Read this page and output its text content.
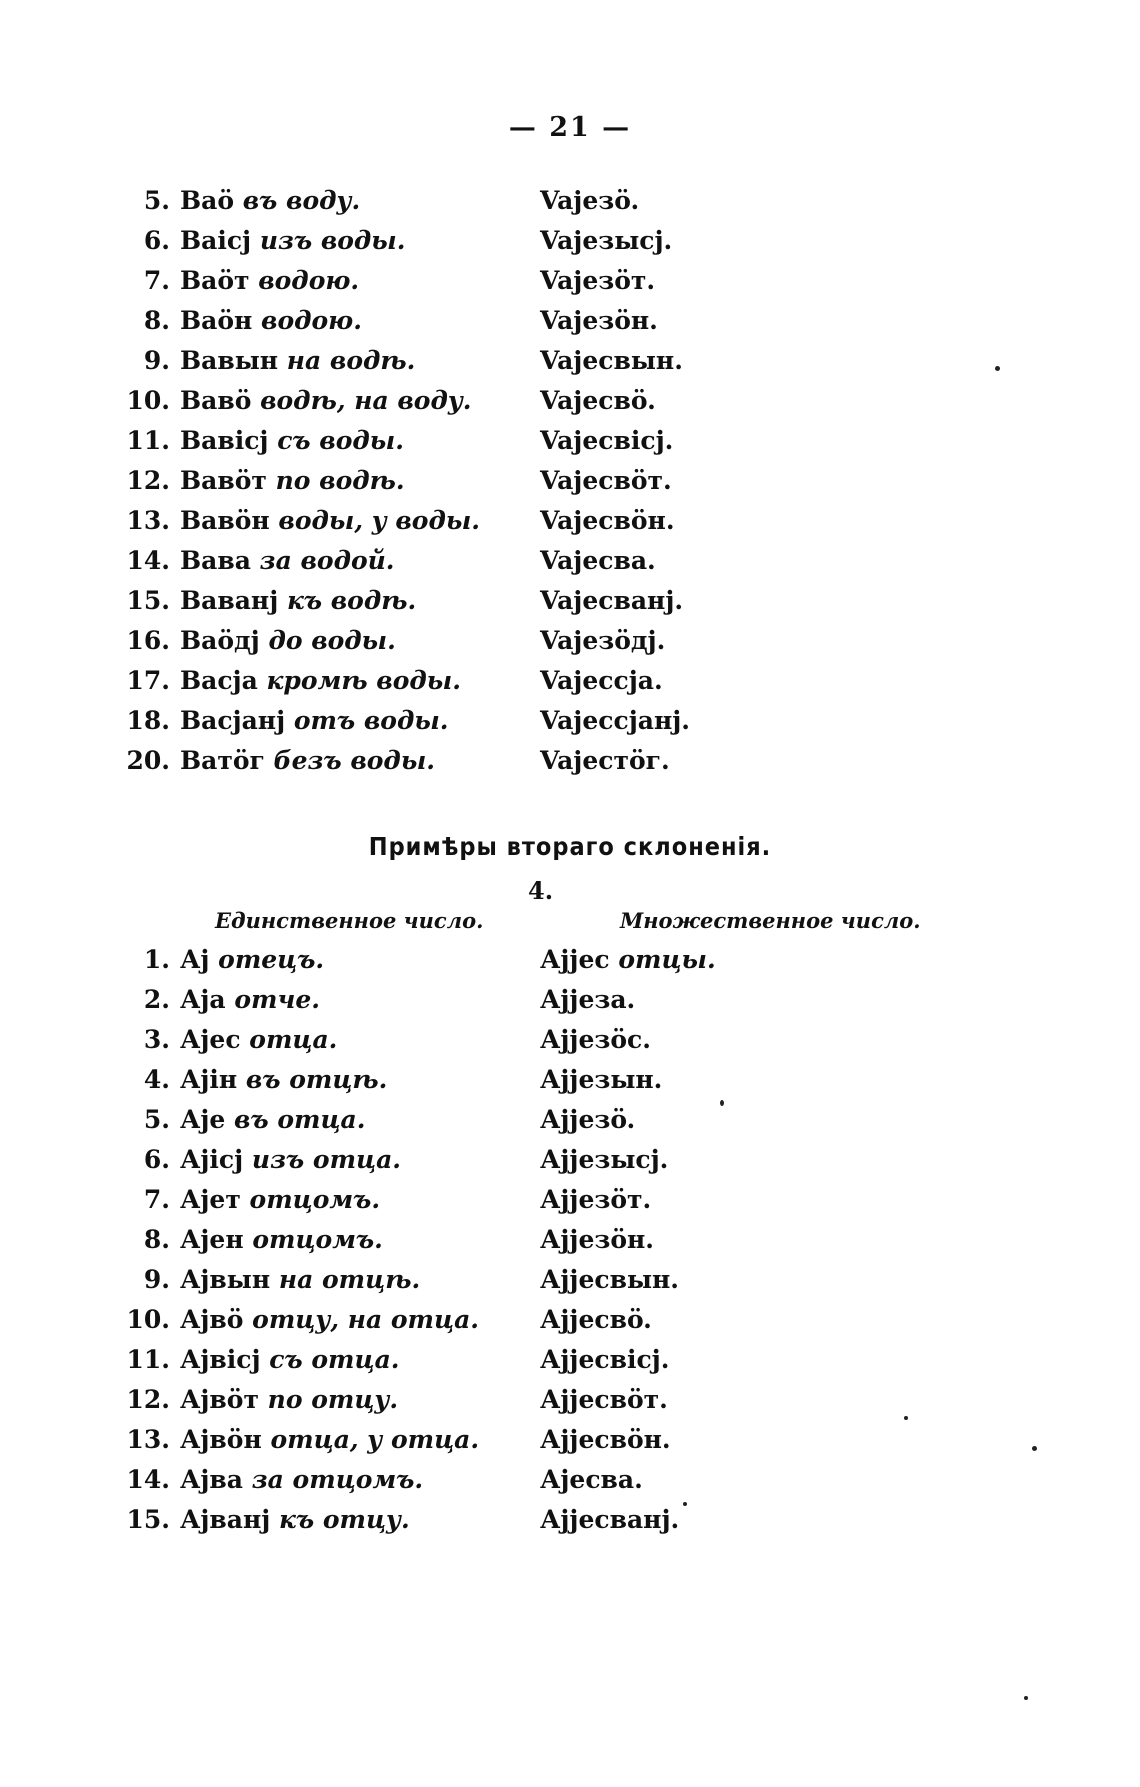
— 21 —
5. Ваö въ воду.	Vajезö.
6. Ваісј изъ воды.	Vajезысј.
7. Ваöт водою.	Vajезöт.
8. Ваöн водою.	Vajезöн.
9. Вавын на водѣ.	Vajесвын.
10. Вавö водѣ, на воду.	Vajесвö.
11. Вавісј съ воды.	Vajесвісј.
12. Вавöт по водѣ.	Vajесвöт.
13. Вавöн воды, у воды. Vajесвöн.
14. Вава за водой.	Vajесва.
15. Ваванј къ водѣ.	Vajесванј.
16. Ваöдј до воды.	Vajезöдј.
17. Васја кромѣ воды.	Vajессја.
18. Васјанј отъ воды.	Vajессјанј.
20. Ватöг безъ воды.	Vajестöг.
Примѣры втораго склоненія.
4.
Единственное число.	Множественное число.
1. Ај отецъ.	Ајјес отцы.
2. Аја отче.	Ајјеза.
3. Ајес отца.	Ајјезöс.
4. Ајін въ отцѣ.	Ајјезын.
5. Аје въ отца.	Ајјезö.
6. Ајісј изъ отца.	Ајјезысј.
7. Ајет отцомъ.	Ајјезöт.
8. Ајен отцомъ.	Ајјезöн.
9. Ајвын на отцѣ.	Ајјесвын.
10. Ајвö отцу, на отца. Ајјесвö.
11. Ајвісј съ отца.	Ајјесвісј.
12. Ајвöт по отцу.	Ајјесвöт.
13. Ајвöн отца, у отца. Ајјесвöн.
14. Ајва за отцомъ.	Ајесва.
15. Ајванј къ отцу.	Ајјесванј.
